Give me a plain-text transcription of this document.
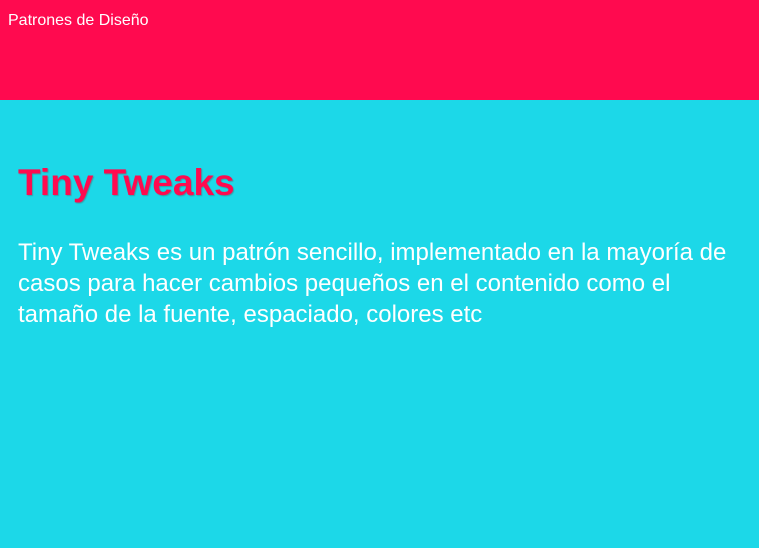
Patrones de Diseño
Tiny Tweaks

Tiny Tweaks es un patrón sencillo, implementado en la mayoría de casos para hacer cambios pequeños en el contenido como el tamaño de la fuente, espaciado, colores etc
